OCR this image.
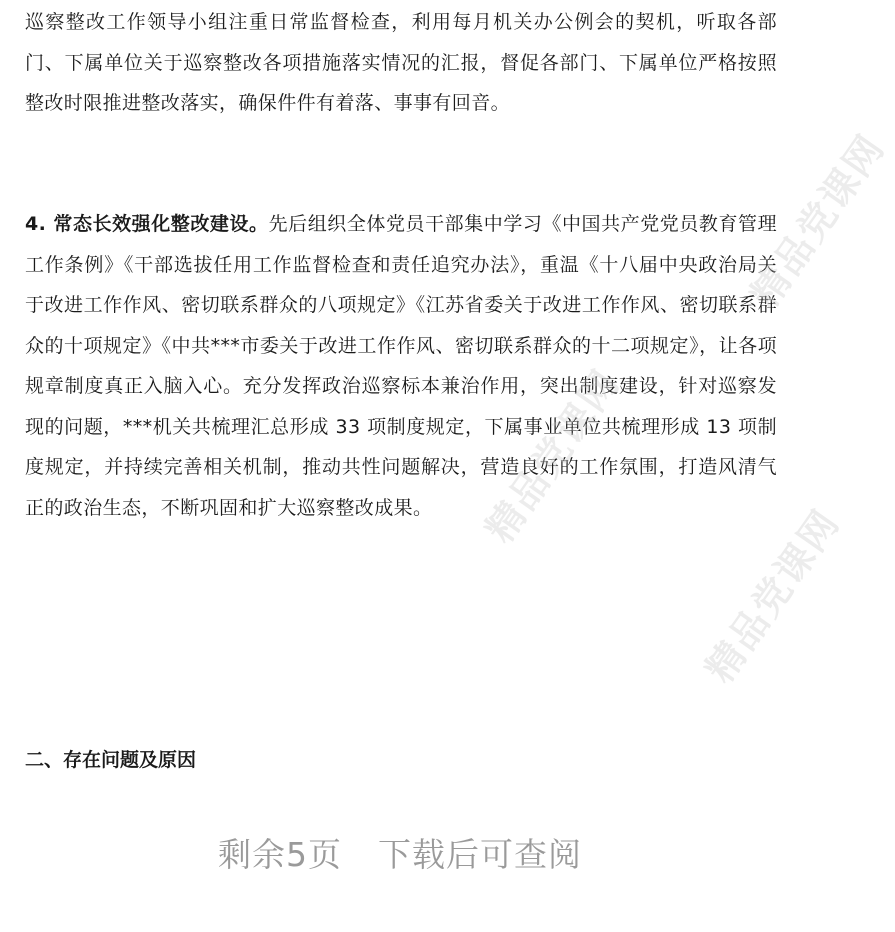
巡察整改工作领导小组注重日常监督检查，利用每月机关办公例会的契机，听取各部门、下属单位关于巡察整改各项措施落实情况的汇报，督促各部门、下属单位严格按照整改时限推进整改落实，确保件件有着落、事事有回音。

4. 常态长效强化整改建设。先后组织全体党员干部集中学习《中国共产党党员教育管理工作条例》《干部选拔任用工作监督检查和责任追究办法》，重温《十八届中央政治局关于改进工作作风、密切联系群众的八项规定》《江苏省委关于改进工作作风、密切联系群众的十项规定》《中共***市委关于改进工作作风、密切联系群众的十二项规定》，让各项规章制度真正入脑入心。充分发挥政治巡察标本兼治作用，突出制度建设，针对巡察发现的问题，***机关共梳理汇总形成 33 项制度规定，下属事业单位共梳理形成 13 项制度规定，并持续完善相关机制，推动共性问题解决，营造良好的工作氛围，打造风清气正的政治生态，不断巩固和扩大巡察整改成果。

二、存在问题及原因

精品党课网
精品党课网
精品党课网
剩余5页 下载后可查阅
